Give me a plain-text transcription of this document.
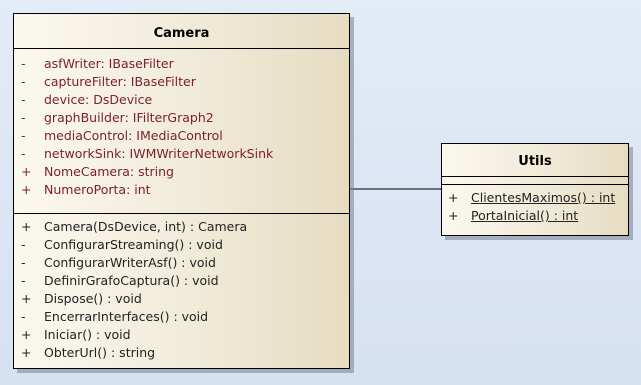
Camera
-	asfWriter: IBaseFilter
-	captureFilter: IBaseFilter
-	device: DsDevice
-	graphBuilder: IFilterGraph2
-	mediaControl: IMediaControl
-	networkSink: IWMWriterNetworkSink
+ NomeCamera: string
+ NumeroPorta: int
+ Camera(DsDevice, int) : Camera
-	ConfigurarStreaming() : void
-	ConfigurarWriterAsf() : void
-	DefinirGrafoCaptura() : void
+ Dispose() : void
-	EncerrarInterfaces() : void
+ Iniciar() : void
+ ObterUrl() : string
Utils
+ ClientesMaximos() : int
+ PortaInicial() : int
